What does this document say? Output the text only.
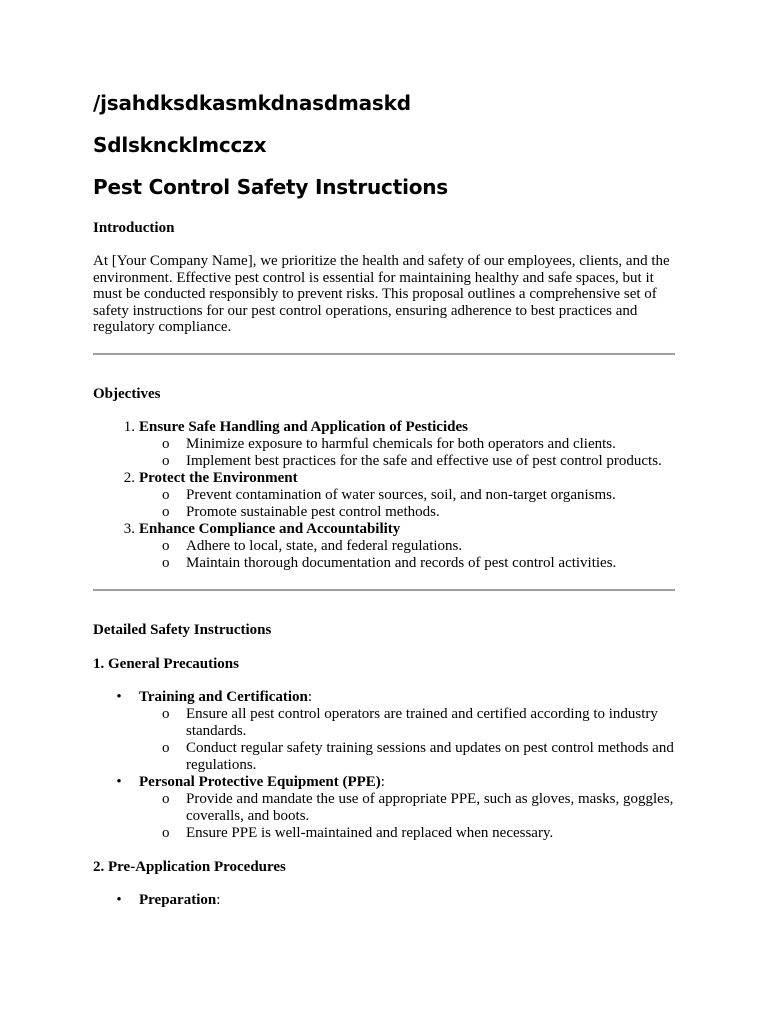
/jsahdksdkasmkdnasdmaskd
Sdlskncklmcczx
Pest Control Safety Instructions
Introduction

At [Your Company Name], we prioritize the health and safety of our employees, clients, and the environment. Effective pest control is essential for maintaining healthy and safe spaces, but it must be conducted responsibly to prevent risks. This proposal outlines a comprehensive set of safety instructions for our pest control operations, ensuring adherence to best practices and regulatory compliance.

Objectives
1. Ensure Safe Handling and Application of Pesticides
o Minimize exposure to harmful chemicals for both operators and clients.
o Implement best practices for the safe and effective use of pest control products.
2. Protect the Environment
o Prevent contamination of water sources, soil, and non-target organisms.
o Promote sustainable pest control methods.
3. Enhance Compliance and Accountability
o Adhere to local, state, and federal regulations.
o Maintain thorough documentation and records of pest control activities.
Detailed Safety Instructions
1. General Precautions
• Training and Certification:
o Ensure all pest control operators are trained and certified according to industry standards.
o Conduct regular safety training sessions and updates on pest control methods and regulations.
• Personal Protective Equipment (PPE):
o Provide and mandate the use of appropriate PPE, such as gloves, masks, goggles, coveralls, and boots.
o Ensure PPE is well-maintained and replaced when necessary.
2. Pre-Application Procedures
• Preparation:
